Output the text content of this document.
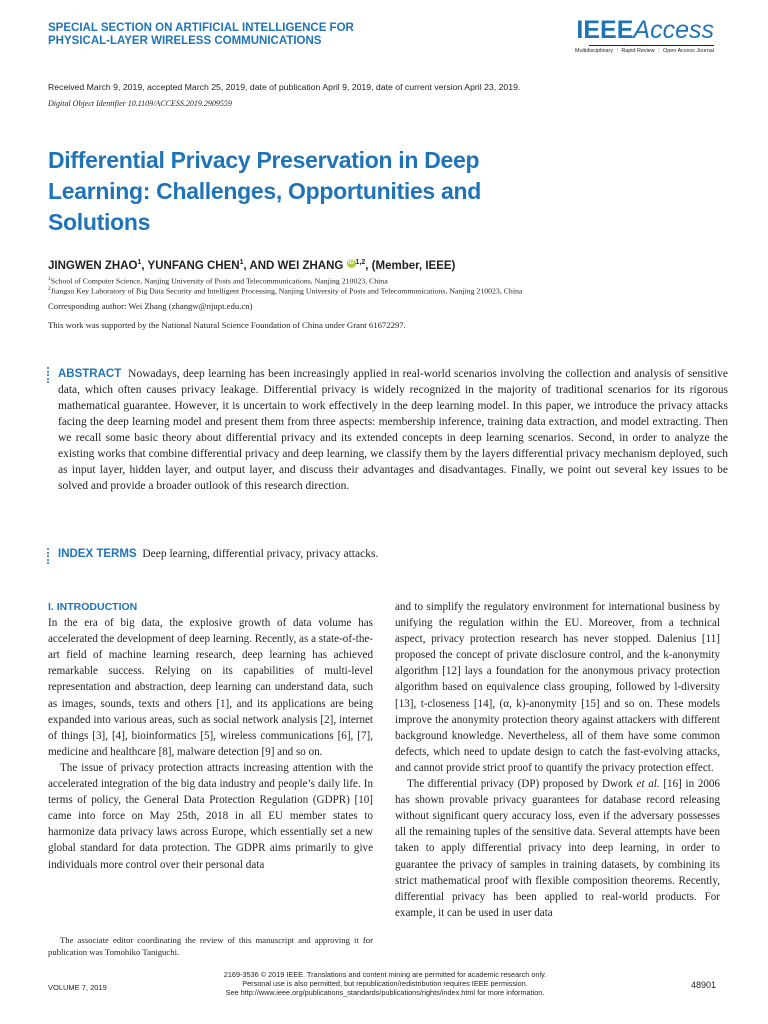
SPECIAL SECTION ON ARTIFICIAL INTELLIGENCE FOR
PHYSICAL-LAYER WIRELESS COMMUNICATIONS	IEEEAccess
Multidisciplinary ⋮ Rapid Review ⋮ Open Access Journal
Received March 9, 2019, accepted March 25, 2019, date of publication April 9, 2019, date of current version April 23, 2019.
Digital Object Identifier 10.1109/ACCESS.2019.2909559
Differential Privacy Preservation in Deep Learning: Challenges, Opportunities and Solutions
JINGWEN ZHAO$^1$, YUNFANG CHEN$^1$, AND WEI ZHANG iD $^{1,2}$, (Member, IEEE)
$^1$School of Computer Science, Nanjing University of Posts and Telecommunications, Nanjing 210023, China
$^2$Jiangsu Key Laboratory of Big Data Security and Intelligent Processing, Nanjing University of Posts and Telecommunications, Nanjing 210023, China
Corresponding author: Wei Zhang (zhangw@njupt.edu.cn)
This work was supported by the National Natural Science Foundation of China under Grant 61672297.
ABSTRACT Nowadays, deep learning has been increasingly applied in real-world scenarios involving the collection and analysis of sensitive data, which often causes privacy leakage. Differential privacy is widely recognized in the majority of traditional scenarios for its rigorous mathematical guarantee. However, it is uncertain to work effectively in the deep learning model. In this paper, we introduce the privacy attacks facing the deep learning model and present them from three aspects: membership inference, training data extraction, and model extracting. Then we recall some basic theory about differential privacy and its extended concepts in deep learning scenarios. Second, in order to analyze the existing works that combine differential privacy and deep learning, we classify them by the layers differential privacy mechanism deployed, such as input layer, hidden layer, and output layer, and discuss their advantages and disadvantages. Finally, we point out several key issues to be solved and provide a broader outlook of this research direction.
INDEX TERMS Deep learning, differential privacy, privacy attacks.
I. INTRODUCTION

In the era of big data, the explosive growth of data volume has accelerated the development of deep learning. Recently, as a state-of-the-art field of machine learning research, deep learning has achieved remarkable success. Relying on its capabilities of multi-level representation and abstraction, deep learning can understand data, such as images, sounds, texts and others [1], and its applications are being expanded into various areas, such as social network analysis [2], internet of things [3], [4], bioinformatics [5], wireless communications [6], [7], medicine and healthcare [8], malware detection [9] and so on.

The issue of privacy protection attracts increasing attention with the accelerated integration of the big data industry and people’s daily life. In terms of policy, the General Data Protection Regulation (GDPR) [10] came into force on May 25th, 2018 in all EU member states to harmonize data privacy laws across Europe, which essentially set a new global standard for data protection. The GDPR aims primarily to give individuals more control over their personal data

and to simplify the regulatory environment for international business by unifying the regulation within the EU. Moreover, from a technical aspect, privacy protection research has never stopped. Dalenius [11] proposed the concept of private disclosure control, and the k-anonymity algorithm [12] lays a foundation for the anonymous privacy protection algorithm based on equivalence class grouping, followed by l-diversity [13], t-closeness [14], (α, k)-anonymity [15] and so on. These models improve the anonymity protection theory against attackers with different background knowledge. Nevertheless, all of them have some common defects, which need to update design to catch the fast-evolving attacks, and cannot provide strict proof to quantify the privacy protection effect.

The differential privacy (DP) proposed by Dwork et al. [16] in 2006 has shown provable privacy guarantees for database record releasing without significant query accuracy loss, even if the adversary possesses all the remaining tuples of the sensitive data. Several attempts have been taken to apply differential privacy into deep learning, in order to guarantee the privacy of samples in training datasets, by combining its strict mathematical proof with flexible composition theorems. Recently, differential privacy has been applied to real-world products. For example, it can be used in user data

The associate editor coordinating the review of this manuscript and approving it for publication was Tomohiko Taniguchi.
VOLUME 7, 2019
2169-3536 © 2019 IEEE. Translations and content mining are permitted for academic research only.
Personal use is also permitted, but republication/redistribution requires IEEE permission.
See http://www.ieee.org/publications_standards/publications/rights/index.html for more information.
48901
